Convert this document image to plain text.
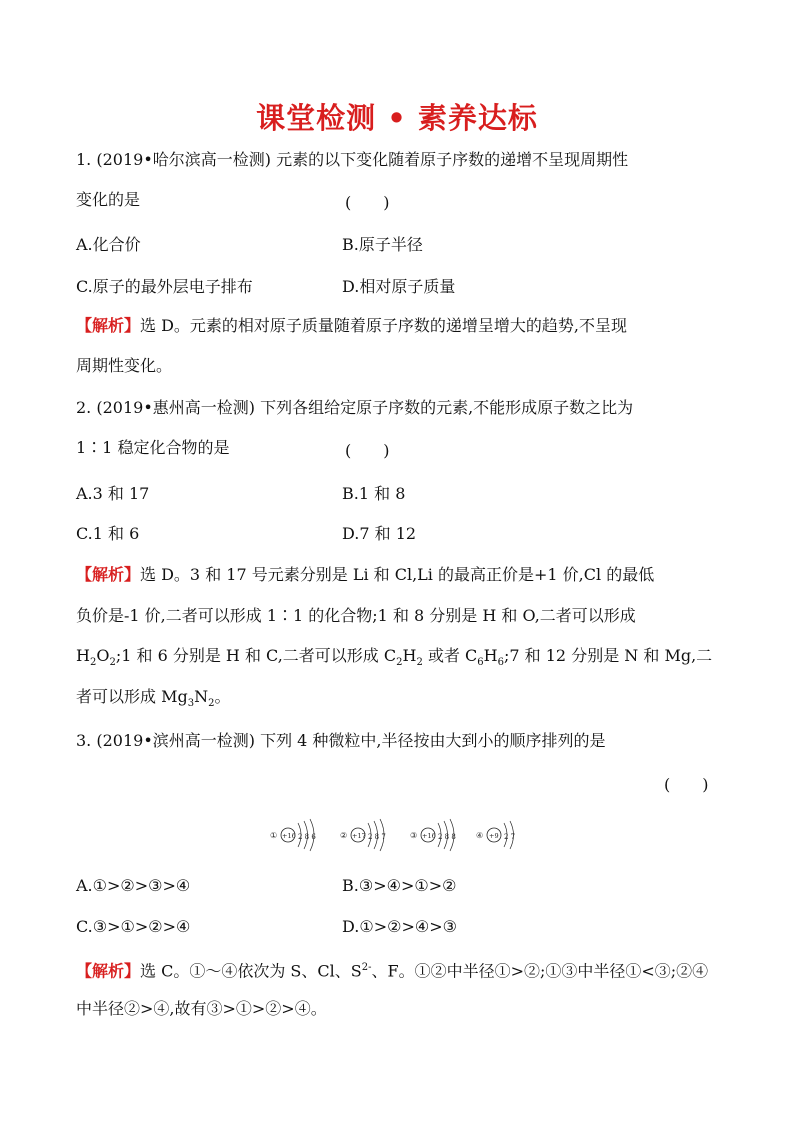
课堂检测 • 素养达标
1. (2019•哈尔滨高一检测) 元素的以下变化随着原子序数的递增不呈现周期性
变化的是	(　　)
A.化合价	B.原子半径
C.原子的最外层电子排布	D.相对原子质量
【解析】选 D。元素的相对原子质量随着原子序数的递增呈增大的趋势,不呈现
周期性变化。
2. (2019•惠州高一检测) 下列各组给定原子序数的元素,不能形成原子数之比为
1∶1 稳定化合物的是	(　　)
A.3 和 17	B.1 和 8
C.1 和 6	D.7 和 12
【解析】选 D。3 和 17 号元素分别是 Li 和 Cl,Li 的最高正价是+1 价,Cl 的最低
负价是-1 价,二者可以形成 1∶1 的化合物;1 和 8 分别是 H 和 O,二者可以形成
$H_2O_2;1$ 和 6 分别是 H 和 C,二者可以形成 $C_2H_2$ 或者 $C_6H_6;7$ 和 12 分别是 N 和 Mg,二
者可以形成 $Mg_3N_2$。
3. (2019•滨州高一检测) 下列 4 种微粒中,半径按由大到小的顺序排列的是
(　　)
① +16 2 8 6	② +17 2 8 7	③ +16 2 8 8	④ +9 2 7
A.①>②>③>④	B.③>④>①>②
C.③>①>②>④	D.①>②>④>③
【解析】选 C。①～④依次为 S、Cl、$S^{2-}$、F。①②中半径①>②;①③中半径①<③;②④
中半径②>④,故有③>①>②>④。
